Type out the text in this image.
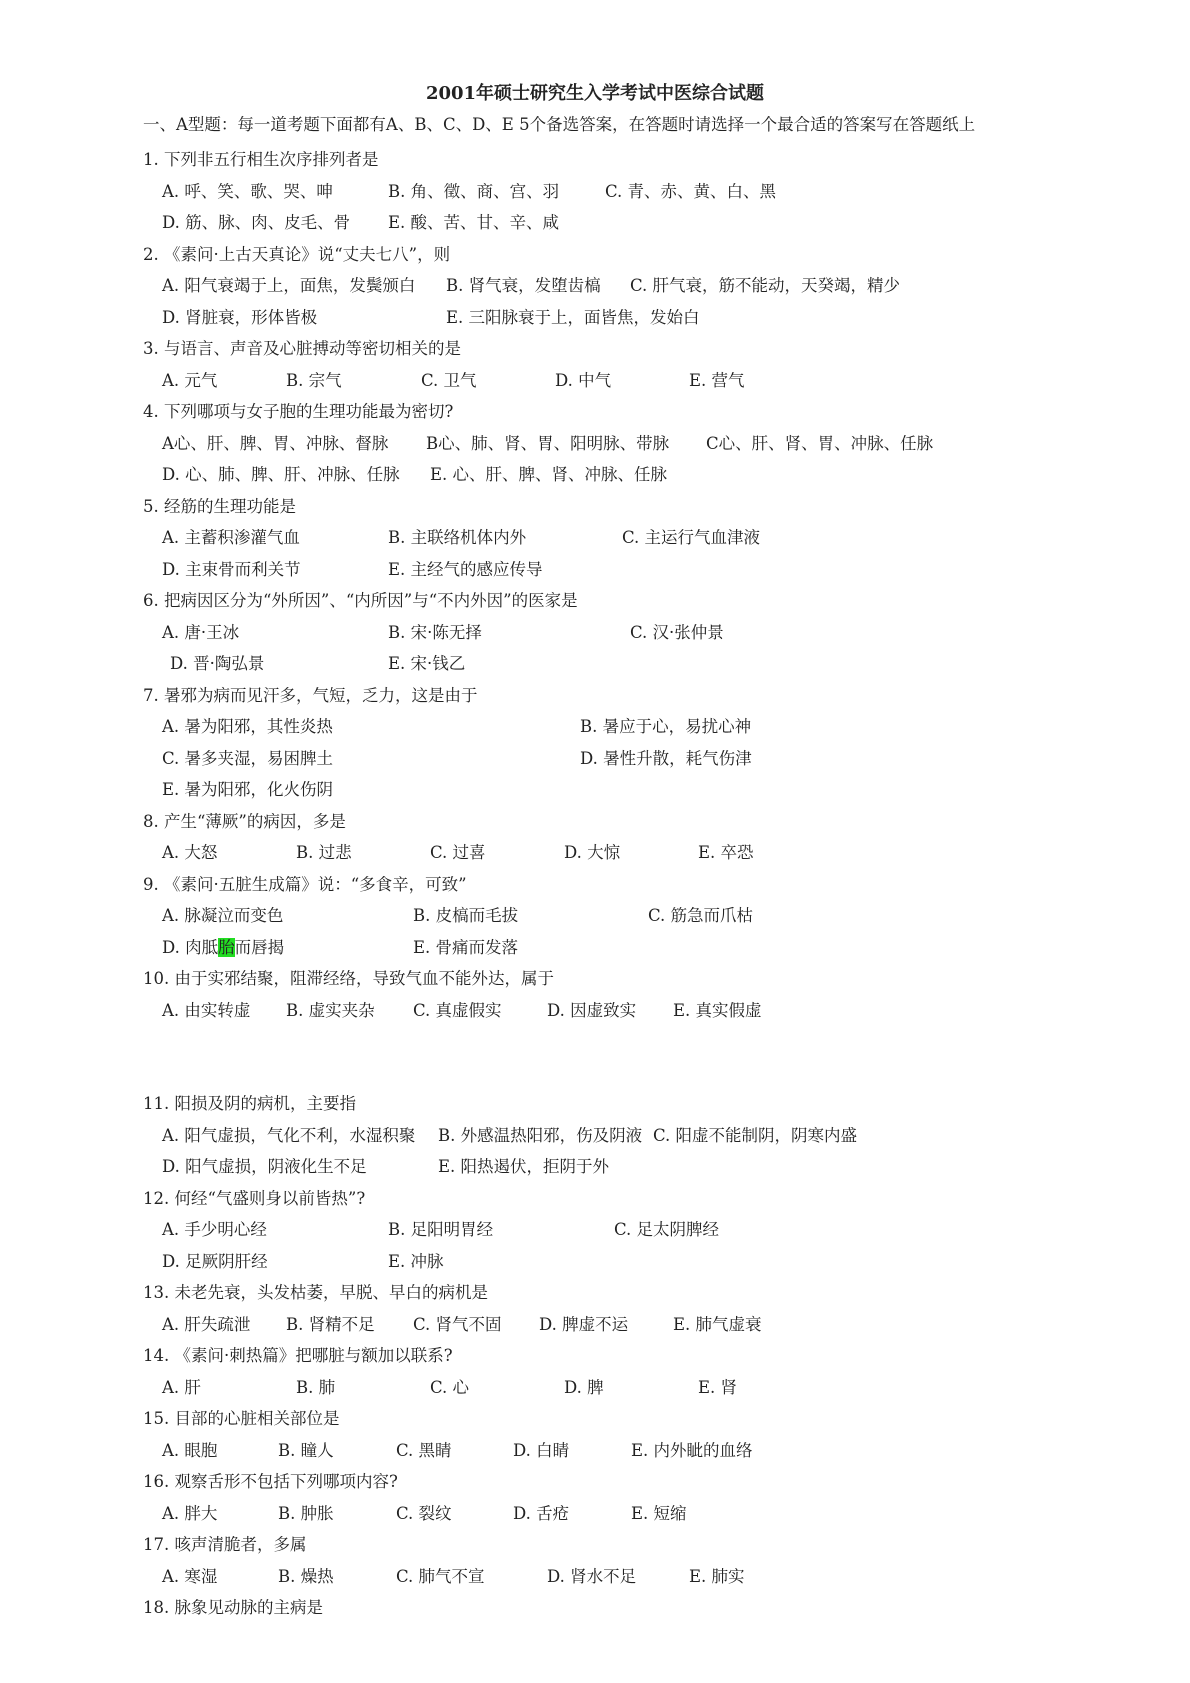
2001年硕士研究生入学考试中医综合试题
一、A型题：每一道考题下面都有A、B、C、D、E 5个备选答案，在答题时请选择一个最合适的答案写在答题纸上
1. 下列非五行相生次序排列者是
A. 呼、笑、歌、哭、呻	B. 角、徵、商、宫、羽	C. 青、赤、黄、白、黑
D. 筋、脉、肉、皮毛、骨 E. 酸、苦、甘、辛、咸
2. 《素问·上古天真论》说“丈夫七八”，则
A. 阳气衰竭于上，面焦，发鬓颁白 B. 肾气衰，发堕齿槁 C. 肝气衰，筋不能动，天癸竭，精少
D. 肾脏衰，形体皆极	E. 三阳脉衰于上，面皆焦，发始白
3. 与语言、声音及心脏搏动等密切相关的是
A. 元气	B. 宗气	C. 卫气	D. 中气	E. 营气
4. 下列哪项与女子胞的生理功能最为密切?
A心、肝、脾、胃、冲脉、督脉 B心、肺、肾、胃、阳明脉、带脉 C心、肝、肾、胃、冲脉、任脉
D. 心、肺、脾、肝、冲脉、任脉 E. 心、肝、脾、肾、冲脉、任脉
5. 经筋的生理功能是
A. 主蓄积渗灌气血	B. 主联络机体内外	C. 主运行气血津液
D. 主束骨而利关节	E. 主经气的感应传导
6. 把病因区分为“外所因”、“内所因”与“不内外因”的医家是
A. 唐·王冰	B. 宋·陈无择	C. 汉·张仲景
D. 晋·陶弘景	E. 宋·钱乙
7. 暑邪为病而见汗多，气短，乏力，这是由于
A. 暑为阳邪，其性炎热	B. 暑应于心，易扰心神
C. 暑多夹湿，易困脾土	D. 暑性升散，耗气伤津
E. 暑为阳邪，化火伤阴
8. 产生“薄厥”的病因，多是
A. 大怒	B. 过悲	C. 过喜	D. 大惊	E. 卒恐
9. 《素问·五脏生成篇》说：“多食辛，可致”
A. 脉凝泣而变色	B. 皮槁而毛拔	C. 筋急而爪枯
D. 肉胝胎而唇揭	E. 骨痛而发落
10. 由于实邪结聚，阻滞经络，导致气血不能外达，属于
A. 由实转虚 B. 虚实夹杂 C. 真虚假实	D. 因虚致实 E. 真实假虚
11. 阳损及阴的病机，主要指
A. 阳气虚损，气化不利，水湿积聚 B. 外感温热阳邪，伤及阴液 C. 阳虚不能制阴，阴寒内盛
D. 阳气虚损，阴液化生不足	E. 阳热遏伏，拒阴于外
12. 何经“气盛则身以前皆热”?
A. 手少明心经	B. 足阳明胃经	C. 足太阴脾经
D. 足厥阴肝经	E. 冲脉
13. 未老先衰，头发枯萎，早脱、早白的病机是
A. 肝失疏泄 B. 肾精不足 C. 肾气不固 D. 脾虚不运	E. 肺气虚衰
14. 《素问·刺热篇》把哪脏与额加以联系?
A. 肝	B. 肺	C. 心	D. 脾	E. 肾
15. 目部的心脏相关部位是
A. 眼胞	B. 瞳人	C. 黑睛	D. 白睛	E. 内外眦的血络
16. 观察舌形不包括下列哪项内容?
A. 胖大	B. 肿胀	C. 裂纹	D. 舌疮	E. 短缩
17. 咳声清脆者，多属
A. 寒湿	B. 燥热	C. 肺气不宣	D. 肾水不足	E. 肺实
18. 脉象见动脉的主病是
